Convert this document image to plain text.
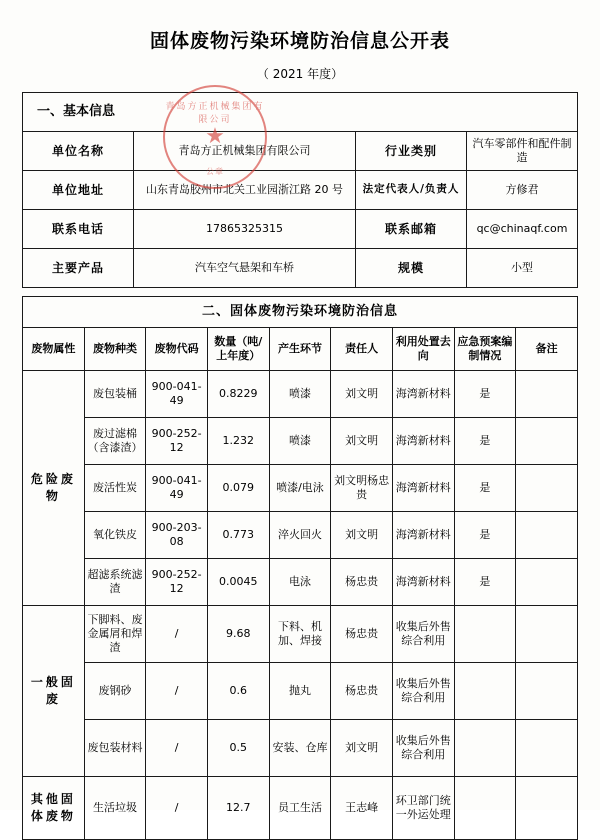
固体废物污染环境防治信息公开表
（ 2021 年度）
青岛方正机械集团有限公司
★
公章
一、基本信息			
单位名称	青岛方正机械集团有限公司	行业类别	汽车零部件和配件制造
单位地址	山东青岛胶州市北关工业园浙江路 20 号	法定代表人/负责人	方修君
联系电话	17865325315	联系邮箱	qc@chinaqf.com
主要产品	汽车空气悬架和车桥	规模	小型
二、固体废物污染环境防治信息								
废物属性	废物种类	废物代码	数量（吨/上年度）	产生环节	责任人	利用处置去向	应急预案编制情况	备注

危险废物	废包装桶	900-041-49	0.8229	喷漆	刘文明	海湾新材料	是	
	废过滤棉（含漆渣）	900-252-12	1.232	喷漆	刘文明	海湾新材料	是	
	废活性炭	900-041-49	0.079	喷漆/电泳	刘文明杨忠贵	海湾新材料	是	
	氧化铁皮	900-203-08	0.773	淬火回火	刘文明	海湾新材料	是	
	超滤系统滤渣	900-252-12	0.0045	电泳	杨忠贵	海湾新材料	是	

一般固废	下脚料、废金属屑和焊渣	/	9.68	下料、机加、焊接	杨忠贵	收集后外售综合利用		
	废钢砂	/	0.6	抛丸	杨忠贵	收集后外售综合利用		
	废包装材料	/	0.5	安装、仓库	刘文明	收集后外售综合利用		

其他固体废物	生活垃圾	/	12.7	员工生活	王志峰	环卫部门统一外运处理		
